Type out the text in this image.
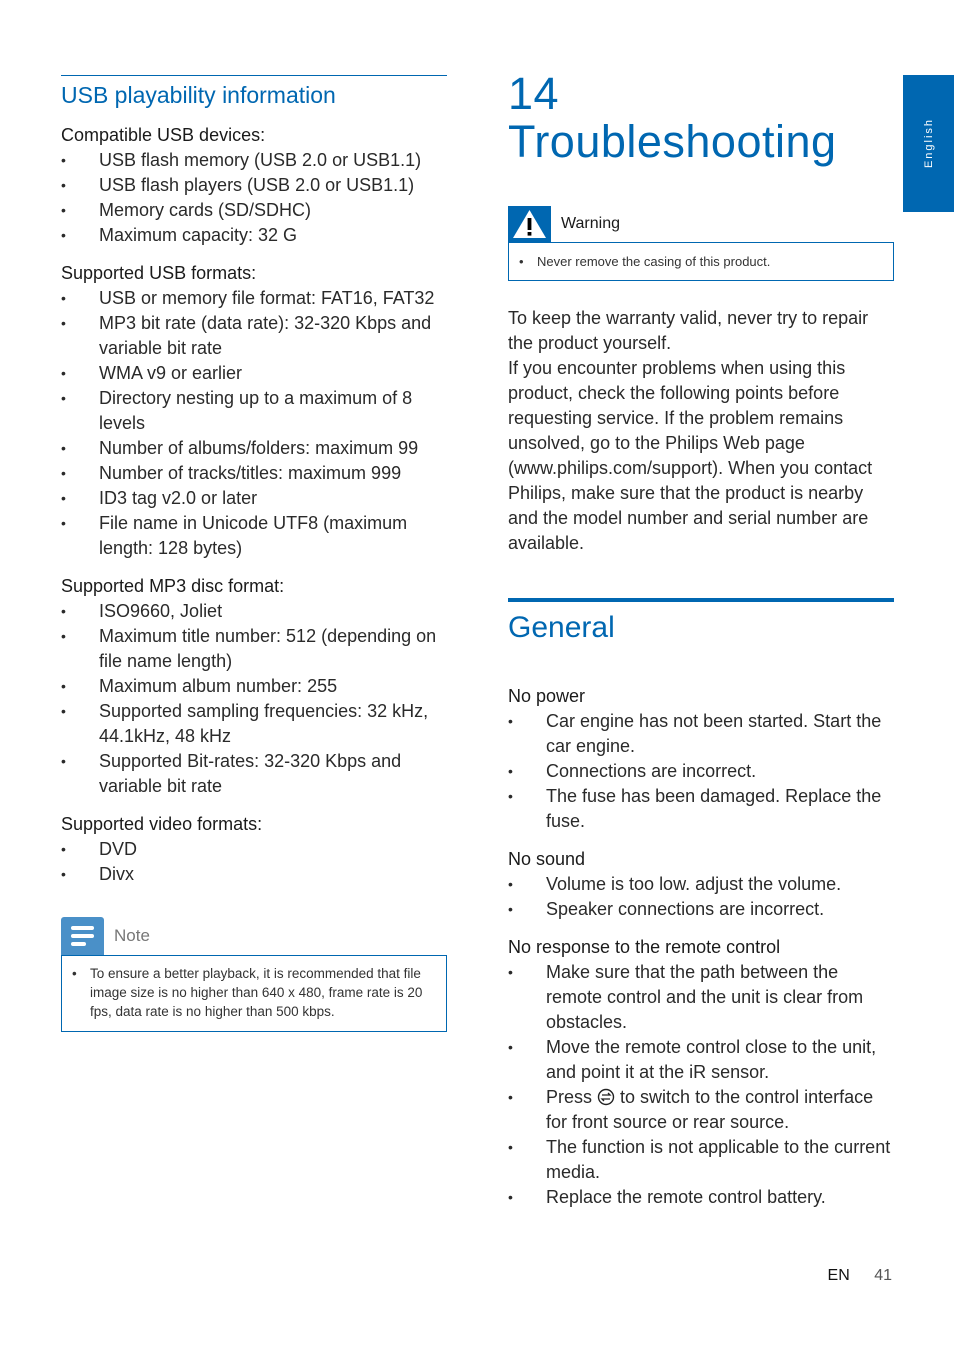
English
USB playability information

Compatible USB devices:

• USB flash memory (USB 2.0 or USB1.1)
• USB flash players (USB 2.0 or USB1.1)
• Memory cards (SD/SDHC)
• Maximum capacity: 32 G

Supported USB formats:

• USB or memory file format: FAT16, FAT32
• MP3 bit rate (data rate): 32-320 Kbps and variable bit rate
• WMA v9 or earlier
• Directory nesting up to a maximum of 8 levels
• Number of albums/folders: maximum 99
• Number of tracks/titles: maximum 999
• ID3 tag v2.0 or later
• File name in Unicode UTF8 (maximum length: 128 bytes)

Supported MP3 disc format:

• ISO9660, Joliet
• Maximum title number: 512 (depending on file name length)
• Maximum album number: 255
• Supported sampling frequencies: 32 kHz, 44.1kHz, 48 kHz
• Supported Bit-rates: 32-320 Kbps and variable bit rate

Supported video formats:

• DVD
• Divx
Note
• To ensure a better playback, it is recommended that file image size is no higher than 640 x 480, frame rate is 20 fps, data rate is no higher than 500 kbps.
14 Troubleshooting
Warning
• Never remove the casing of this product.

To keep the warranty valid, never try to repair the product yourself.

If you encounter problems when using this product, check the following points before requesting service. If the problem remains unsolved, go to the Philips Web page (www.philips.com/support). When you contact Philips, make sure that the product is nearby and the model number and serial number are available.

General

No power

• Car engine has not been started. Start the car engine.
• Connections are incorrect.
• The fuse has been damaged. Replace the fuse.

No sound

• Volume is too low. adjust the volume.
• Speaker connections are incorrect.

No response to the remote control

• Make sure that the path between the remote control and the unit is clear from obstacles.
• Move the remote control close to the unit, and point it at the iR sensor.
• Press to switch to the control interface for front source or rear source.
• The function is not applicable to the current media.
• Replace the remote control battery.
EN 41
